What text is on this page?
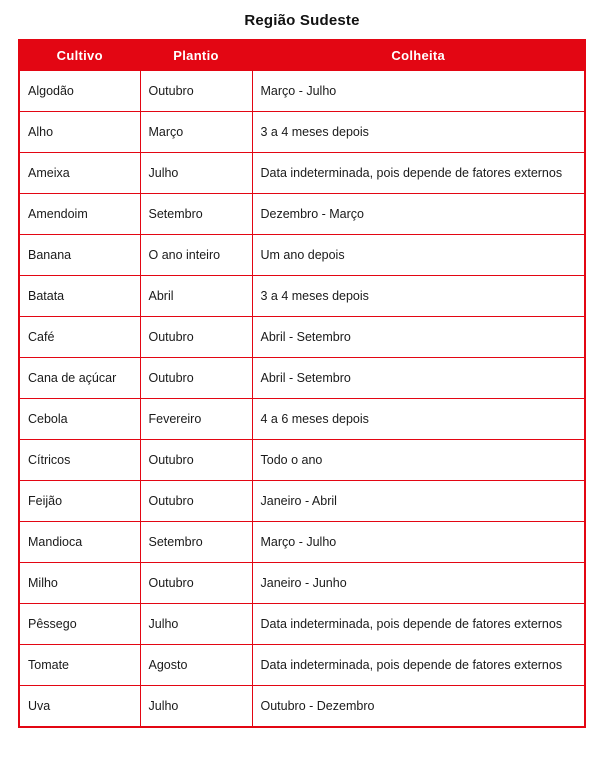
Região Sudeste
Cultivo	Plantio	Colheita
Algodão	Outubro	Março - Julho
Alho	Março	3 a 4 meses depois
Ameixa	Julho	Data indeterminada, pois depende de fatores externos
Amendoim	Setembro	Dezembro - Março
Banana	O ano inteiro	Um ano depois
Batata	Abril	3 a 4 meses depois
Café	Outubro	Abril - Setembro
Cana de açúcar	Outubro	Abril - Setembro
Cebola	Fevereiro	4 a 6 meses depois
Cítricos	Outubro	Todo o ano
Feijão	Outubro	Janeiro - Abril
Mandioca	Setembro	Março - Julho
Milho	Outubro	Janeiro - Junho
Pêssego	Julho	Data indeterminada, pois depende de fatores externos
Tomate	Agosto	Data indeterminada, pois depende de fatores externos
Uva	Julho	Outubro - Dezembro
